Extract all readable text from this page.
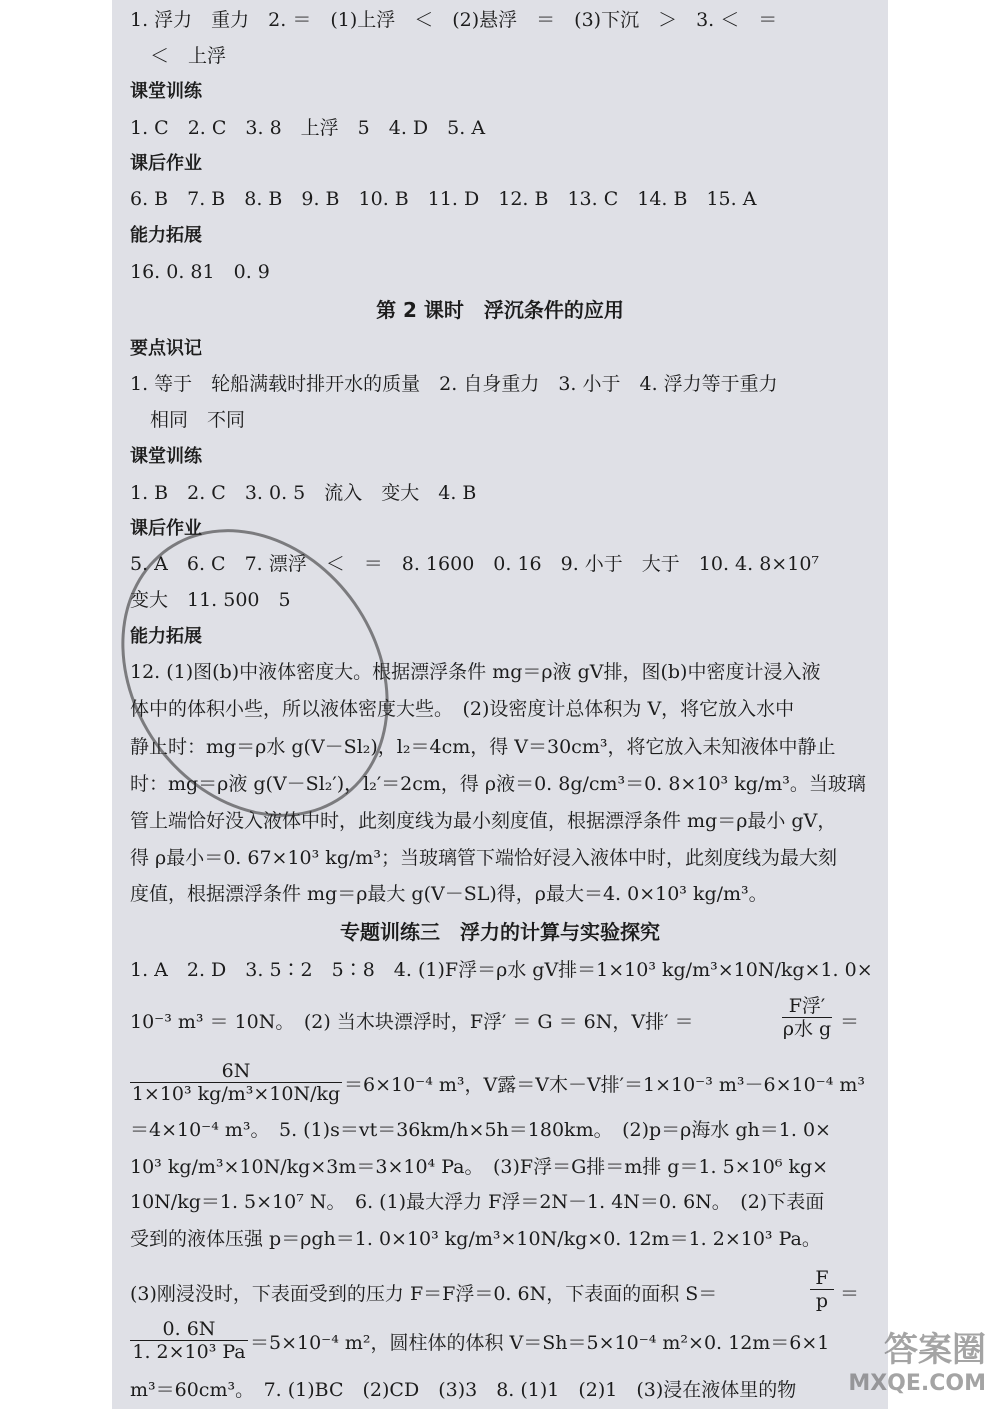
1. 浮力　重力　2. ＝　(1)上浮　＜　(2)悬浮　＝　(3)下沉　＞　3. ＜　＝
＜　上浮
课堂训练
1. C　2. C　3. 8　上浮　5　4. D　5. A
课后作业
6. B　7. B　8. B　9. B　10. B　11. D　12. B　13. C　14. B　15. A
能力拓展
16. 0. 81　0. 9
第 2 课时　浮沉条件的应用
要点识记
1. 等于　轮船满载时排开水的质量　2. 自身重力　3. 小于　4. 浮力等于重力
相同　不同
课堂训练
1. B　2. C　3. 0. 5　流入　变大　4. B
课后作业
5. A　6. C　7. 漂浮　＜　＝　8. 1600　0. 16　9. 小于　大于　10. 4. 8×10⁷
变大　11. 500　5
能力拓展
12. (1)图(b)中液体密度大。根据漂浮条件 mg＝ρ液 gV排，图(b)中密度计浸入液
体中的体积小些，所以液体密度大些。　(2)设密度计总体积为 V，将它放入水中
静止时：mg＝ρ水 g(V－Sl₂)，l₂＝4cm，得 V＝30cm³，将它放入未知液体中静止
时：mg＝ρ液 g(V－Sl₂′)，l₂′＝2cm，得 ρ液＝0. 8g/cm³＝0. 8×10³ kg/m³。当玻璃
管上端恰好没入液体中时，此刻度线为最小刻度值，根据漂浮条件 mg＝ρ最小 gV，
得 ρ最小＝0. 67×10³ kg/m³；当玻璃管下端恰好浸入液体中时，此刻度线为最大刻
度值，根据漂浮条件 mg＝ρ最大 g(V－SL)得，ρ最大＝4. 0×10³ kg/m³。
专题训练三　浮力的计算与实验探究
1. A　2. D　3. 5∶2　5∶8　4. (1)F浮＝ρ水 gV排＝1×10³ kg/m³×10N/kg×1. 0×
10⁻³ m³ ＝ 10N。　(2) 当木块漂浮时，F浮′ ＝ G ＝ 6N，V排′ ＝
F浮′
ρ水 g ＝
6N
1×10³ kg/m³×10N/kg ＝6×10⁻⁴ m³，V露＝V木－V排′＝1×10⁻³ m³－6×10⁻⁴ m³
＝4×10⁻⁴ m³。　5. (1)s＝vt＝36km/h×5h＝180km。　(2)p＝ρ海水 gh＝1. 0×
10³ kg/m³×10N/kg×3m＝3×10⁴ Pa。　(3)F浮＝G排＝m排 g＝1. 5×10⁶ kg×
10N/kg＝1. 5×10⁷ N。　6. (1)最大浮力 F浮＝2N－1. 4N＝0. 6N。　(2)下表面
受到的液体压强 p＝ρgh＝1. 0×10³ kg/m³×10N/kg×0. 12m＝1. 2×10³ Pa。
(3)刚浸没时，下表面受到的压力 F＝F浮＝0. 6N，下表面的面积 S＝
F
p ＝
0. 6N
1. 2×10³ Pa ＝5×10⁻⁴ m²，圆柱体的体积 V＝Sh＝5×10⁻⁴ m²×0. 12m＝6×1
m³＝60cm³。　7. (1)BC　(2)CD　(3)3　8. (1)1　(2)1　(3)浸在液体里的物
答案圈
MXQE.COM
